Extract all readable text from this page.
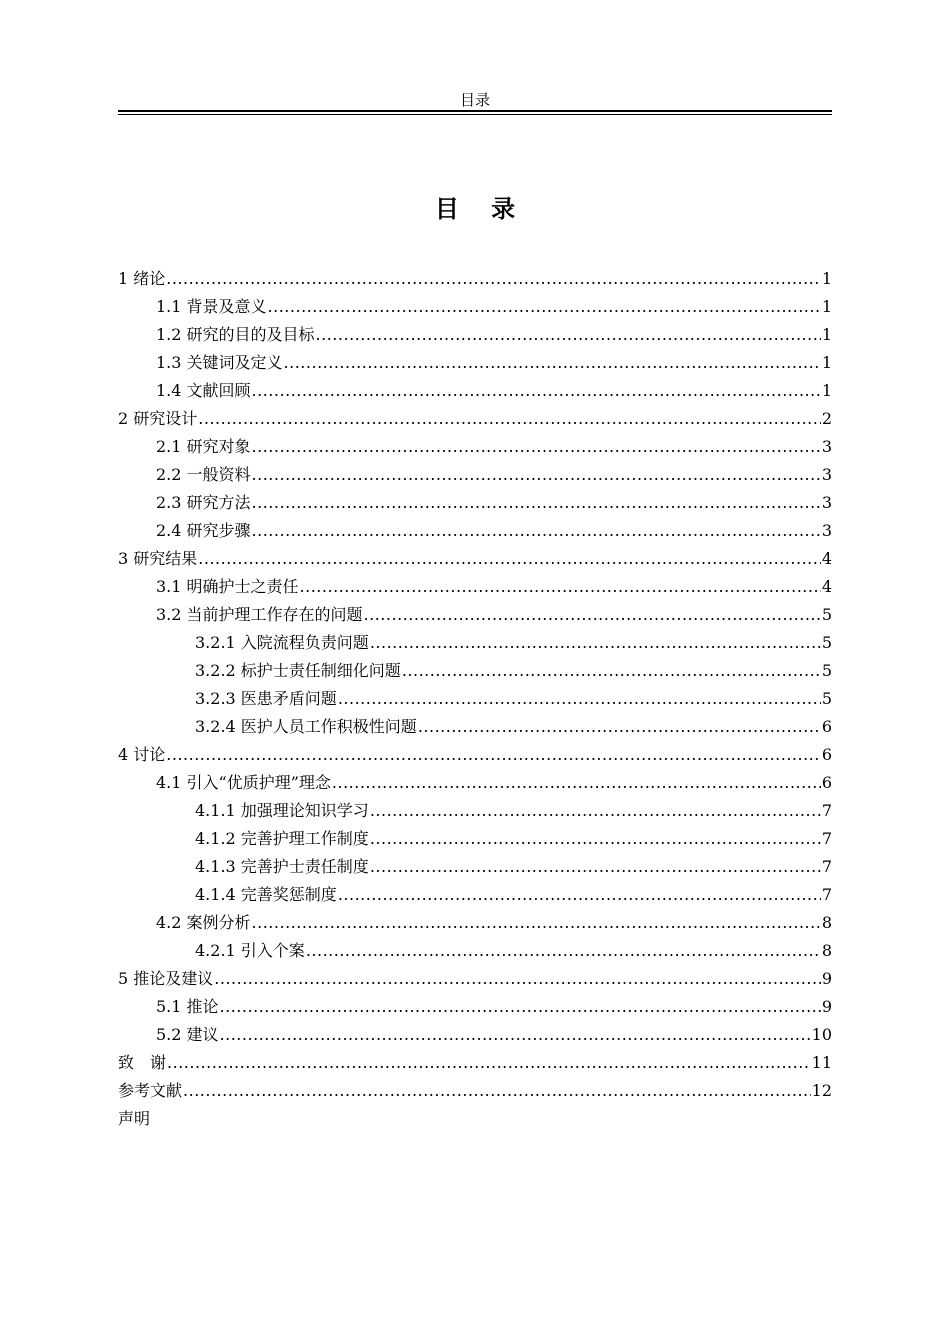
目录
目 录
1 绪论 .....	1
1.1 背景及意义 .....	1
1.2 研究的目的及目标 .....	1
1.3 关键词及定义 .....	1
1.4 文献回顾 .....	1
2 研究设计 .....	2
2.1 研究对象 .....	3
2.2 一般资料 .....	3
2.3 研究方法 .....	3
2.4 研究步骤 .....	3
3 研究结果 .....	4
3.1 明确护士之责任 .....	4
3.2 当前护理工作存在的问题 .....	5
3.2.1 入院流程负责问题 .....	5
3.2.2 标护士责任制细化问题 .....	5
3.2.3 医患矛盾问题 .....	5
3.2.4 医护人员工作积极性问题 .....	6
4 讨论 .....	6
4.1 引入“优质护理”理念 .....	6
4.1.1 加强理论知识学习 .....	7
4.1.2 完善护理工作制度 .....	7
4.1.3 完善护士责任制度 .....	7
4.1.4 完善奖惩制度 .....	7
4.2 案例分析 .....	8
4.2.1 引入个案 .....	8
5 推论及建议 .....	9
5.1 推论 .....	9
5.2 建议 .....	10
致　谢 .....	11
参考文献 .....	12
声明
